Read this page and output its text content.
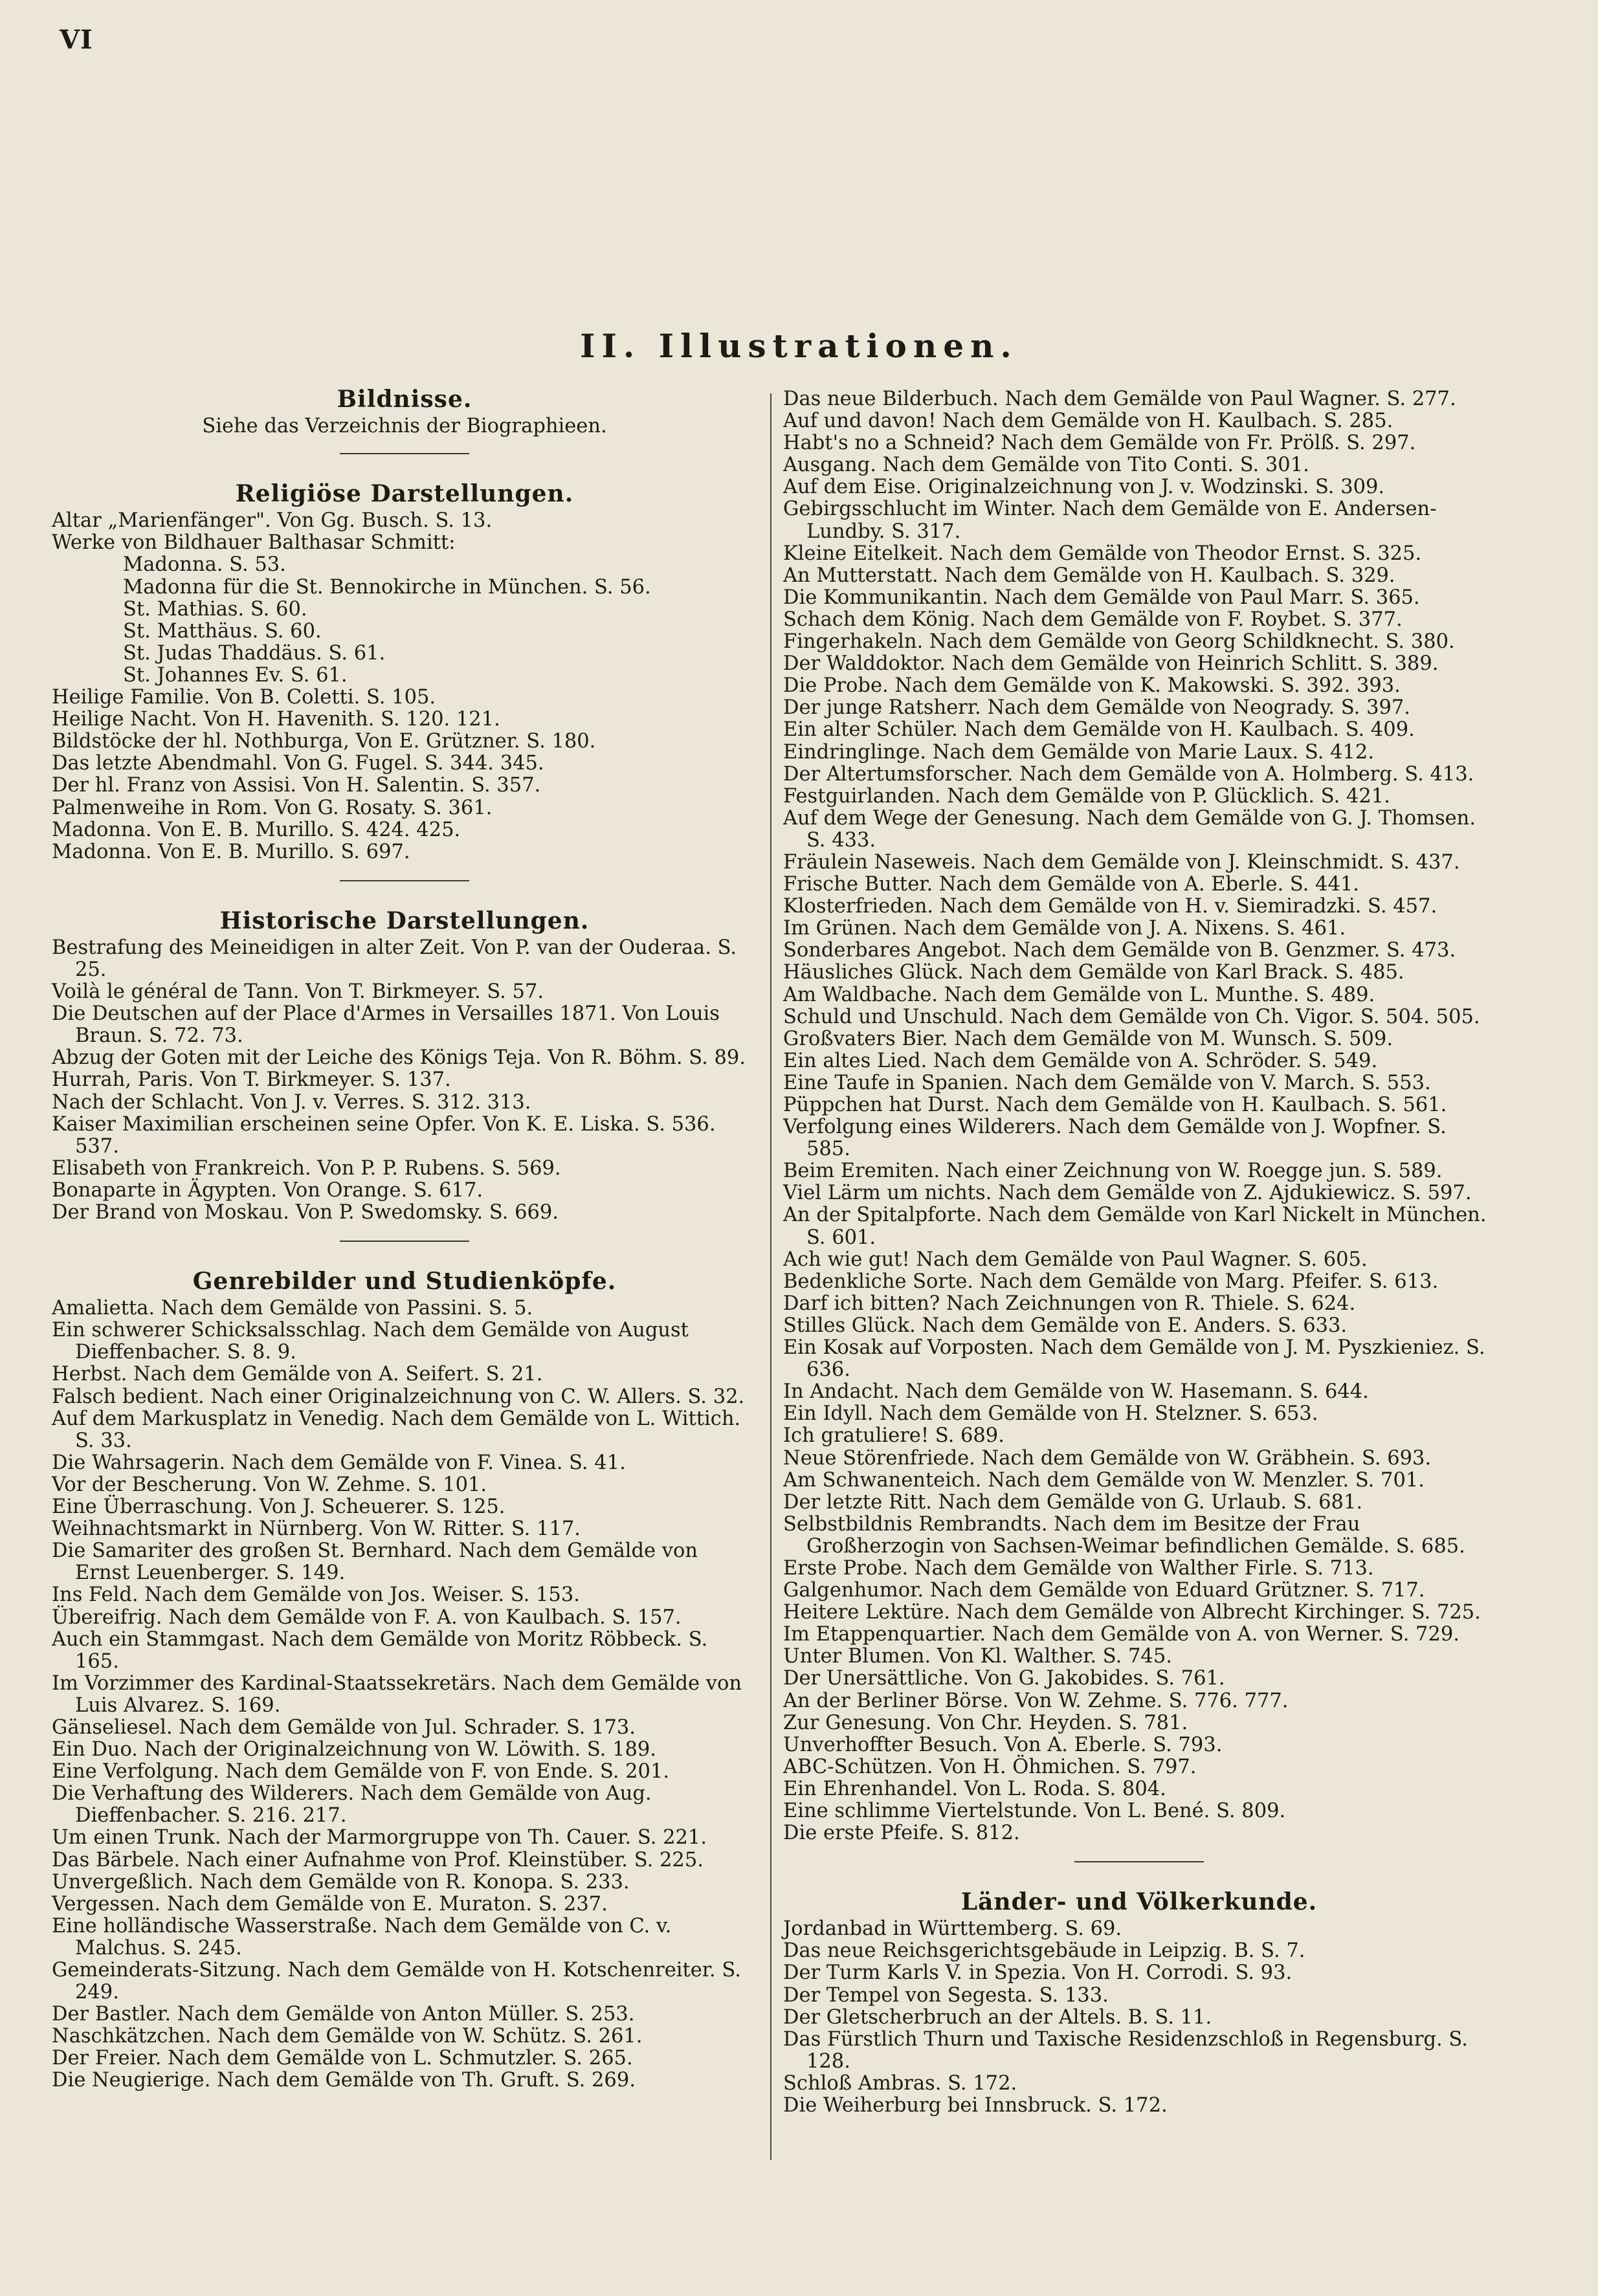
VI
II. Illustrationen.
Bildnisse.
Siehe das Verzeichnis der Biographieen.
Religiöse Darstellungen.
Altar „Marienfänger". Von Gg. Busch. S. 13.
Werke von Bildhauer Balthasar Schmitt:
Madonna. S. 53.
Madonna für die St. Bennokirche in München. S. 56.
St. Mathias. S. 60.
St. Matthäus. S. 60.
St. Judas Thaddäus. S. 61.
St. Johannes Ev. S. 61.
Heilige Familie. Von B. Coletti. S. 105.
Heilige Nacht. Von H. Havenith. S. 120. 121.
Bildstöcke der hl. Nothburga, Von E. Grützner. S. 180.
Das letzte Abendmahl. Von G. Fugel. S. 344. 345.
Der hl. Franz von Assisi. Von H. Salentin. S. 357.
Palmenweihe in Rom. Von G. Rosaty. S. 361.
Madonna. Von E. B. Murillo. S. 424. 425.
Madonna. Von E. B. Murillo. S. 697.
Historische Darstellungen.
Bestrafung des Meineidigen in alter Zeit. Von P. van der Ouderaa. S. 25.
Voilà le général de Tann. Von T. Birkmeyer. S. 57.
Die Deutschen auf der Place d'Armes in Versailles 1871. Von Louis Braun. S. 72. 73.
Abzug der Goten mit der Leiche des Königs Teja. Von R. Böhm. S. 89.
Hurrah, Paris. Von T. Birkmeyer. S. 137.
Nach der Schlacht. Von J. v. Verres. S. 312. 313.
Kaiser Maximilian erscheinen seine Opfer. Von K. E. Liska. S. 536. 537.
Elisabeth von Frankreich. Von P. P. Rubens. S. 569.
Bonaparte in Ägypten. Von Orange. S. 617.
Der Brand von Moskau. Von P. Swedomsky. S. 669.
Genrebilder und Studienköpfe.
Amalietta. Nach dem Gemälde von Passini. S. 5.
Ein schwerer Schicksalsschlag. Nach dem Gemälde von August Dieffenbacher. S. 8. 9.
Herbst. Nach dem Gemälde von A. Seifert. S. 21.
Falsch bedient. Nach einer Originalzeichnung von C. W. Allers. S. 32.
Auf dem Markusplatz in Venedig. Nach dem Gemälde von L. Wittich. S. 33.
Die Wahrsagerin. Nach dem Gemälde von F. Vinea. S. 41.
Vor der Bescherung. Von W. Zehme. S. 101.
Eine Überraschung. Von J. Scheuerer. S. 125.
Weihnachtsmarkt in Nürnberg. Von W. Ritter. S. 117.
Die Samariter des großen St. Bernhard. Nach dem Gemälde von Ernst Leuenberger. S. 149.
Ins Feld. Nach dem Gemälde von Jos. Weiser. S. 153.
Übereifrig. Nach dem Gemälde von F. A. von Kaulbach. S. 157.
Auch ein Stammgast. Nach dem Gemälde von Moritz Röbbeck. S. 165.
Im Vorzimmer des Kardinal-Staatssekretärs. Nach dem Gemälde von Luis Alvarez. S. 169.
Gänseliesel. Nach dem Gemälde von Jul. Schrader. S. 173.
Ein Duo. Nach der Originalzeichnung von W. Löwith. S. 189.
Eine Verfolgung. Nach dem Gemälde von F. von Ende. S. 201.
Die Verhaftung des Wilderers. Nach dem Gemälde von Aug. Dieffenbacher. S. 216. 217.
Um einen Trunk. Nach der Marmorgruppe von Th. Cauer. S. 221.
Das Bärbele. Nach einer Aufnahme von Prof. Kleinstüber. S. 225.
Unvergeßlich. Nach dem Gemälde von R. Konopa. S. 233.
Vergessen. Nach dem Gemälde von E. Muraton. S. 237.
Eine holländische Wasserstraße. Nach dem Gemälde von C. v. Malchus. S. 245.
Gemeinderats-Sitzung. Nach dem Gemälde von H. Kotschenreiter. S. 249.
Der Bastler. Nach dem Gemälde von Anton Müller. S. 253.
Naschkätzchen. Nach dem Gemälde von W. Schütz. S. 261.
Der Freier. Nach dem Gemälde von L. Schmutzler. S. 265.
Die Neugierige. Nach dem Gemälde von Th. Gruft. S. 269.
Das neue Bilderbuch. Nach dem Gemälde von Paul Wagner. S. 277.
Auf und davon! Nach dem Gemälde von H. Kaulbach. S. 285.
Habt's no a Schneid? Nach dem Gemälde von Fr. Prölß. S. 297.
Ausgang. Nach dem Gemälde von Tito Conti. S. 301.
Auf dem Eise. Originalzeichnung von J. v. Wodzinski. S. 309.
Gebirgsschlucht im Winter. Nach dem Gemälde von E. Andersen-Lundby. S. 317.
Kleine Eitelkeit. Nach dem Gemälde von Theodor Ernst. S. 325.
An Mutterstatt. Nach dem Gemälde von H. Kaulbach. S. 329.
Die Kommunikantin. Nach dem Gemälde von Paul Marr. S. 365.
Schach dem König. Nach dem Gemälde von F. Roybet. S. 377.
Fingerhakeln. Nach dem Gemälde von Georg Schildknecht. S. 380.
Der Walddoktor. Nach dem Gemälde von Heinrich Schlitt. S. 389.
Die Probe. Nach dem Gemälde von K. Makowski. S. 392. 393.
Der junge Ratsherr. Nach dem Gemälde von Neogrady. S. 397.
Ein alter Schüler. Nach dem Gemälde von H. Kaulbach. S. 409.
Eindringlinge. Nach dem Gemälde von Marie Laux. S. 412.
Der Altertumsforscher. Nach dem Gemälde von A. Holmberg. S. 413.
Festguirlanden. Nach dem Gemälde von P. Glücklich. S. 421.
Auf dem Wege der Genesung. Nach dem Gemälde von G. J. Thomsen. S. 433.
Fräulein Naseweis. Nach dem Gemälde von J. Kleinschmidt. S. 437.
Frische Butter. Nach dem Gemälde von A. Eberle. S. 441.
Klosterfrieden. Nach dem Gemälde von H. v. Siemiradzki. S. 457.
Im Grünen. Nach dem Gemälde von J. A. Nixens. S. 461.
Sonderbares Angebot. Nach dem Gemälde von B. Genzmer. S. 473.
Häusliches Glück. Nach dem Gemälde von Karl Brack. S. 485.
Am Waldbache. Nach dem Gemälde von L. Munthe. S. 489.
Schuld und Unschuld. Nach dem Gemälde von Ch. Vigor. S. 504. 505.
Großvaters Bier. Nach dem Gemälde von M. Wunsch. S. 509.
Ein altes Lied. Nach dem Gemälde von A. Schröder. S. 549.
Eine Taufe in Spanien. Nach dem Gemälde von V. March. S. 553.
Püppchen hat Durst. Nach dem Gemälde von H. Kaulbach. S. 561.
Verfolgung eines Wilderers. Nach dem Gemälde von J. Wopfner. S. 585.
Beim Eremiten. Nach einer Zeichnung von W. Roegge jun. S. 589.
Viel Lärm um nichts. Nach dem Gemälde von Z. Ajdukiewicz. S. 597.
An der Spitalpforte. Nach dem Gemälde von Karl Nickelt in München. S. 601.
Ach wie gut! Nach dem Gemälde von Paul Wagner. S. 605.
Bedenkliche Sorte. Nach dem Gemälde von Marg. Pfeifer. S. 613.
Darf ich bitten? Nach Zeichnungen von R. Thiele. S. 624.
Stilles Glück. Nach dem Gemälde von E. Anders. S. 633.
Ein Kosak auf Vorposten. Nach dem Gemälde von J. M. Pyszkieniez. S. 636.
In Andacht. Nach dem Gemälde von W. Hasemann. S. 644.
Ein Idyll. Nach dem Gemälde von H. Stelzner. S. 653.
Ich gratuliere! S. 689.
Neue Störenfriede. Nach dem Gemälde von W. Gräbhein. S. 693.
Am Schwanenteich. Nach dem Gemälde von W. Menzler. S. 701.
Der letzte Ritt. Nach dem Gemälde von G. Urlaub. S. 681.
Selbstbildnis Rembrandts. Nach dem im Besitze der Frau Großherzogin von Sachsen-Weimar befindlichen Gemälde. S. 685.
Erste Probe. Nach dem Gemälde von Walther Firle. S. 713.
Galgenhumor. Nach dem Gemälde von Eduard Grützner. S. 717.
Heitere Lektüre. Nach dem Gemälde von Albrecht Kirchinger. S. 725.
Im Etappenquartier. Nach dem Gemälde von A. von Werner. S. 729.
Unter Blumen. Von Kl. Walther. S. 745.
Der Unersättliche. Von G. Jakobides. S. 761.
An der Berliner Börse. Von W. Zehme. S. 776. 777.
Zur Genesung. Von Chr. Heyden. S. 781.
Unverhoffter Besuch. Von A. Eberle. S. 793.
ABC-Schützen. Von H. Öhmichen. S. 797.
Ein Ehrenhandel. Von L. Roda. S. 804.
Eine schlimme Viertelstunde. Von L. Bené. S. 809.
Die erste Pfeife. S. 812.
Länder- und Völkerkunde.
Jordanbad in Württemberg. S. 69.
Das neue Reichsgerichtsgebäude in Leipzig. B. S. 7.
Der Turm Karls V. in Spezia. Von H. Corrodi. S. 93.
Der Tempel von Segesta. S. 133.
Der Gletscherbruch an der Altels. B. S. 11.
Das Fürstlich Thurn und Taxische Residenzschloß in Regensburg. S. 128.
Schloß Ambras. S. 172.
Die Weiherburg bei Innsbruck. S. 172.
